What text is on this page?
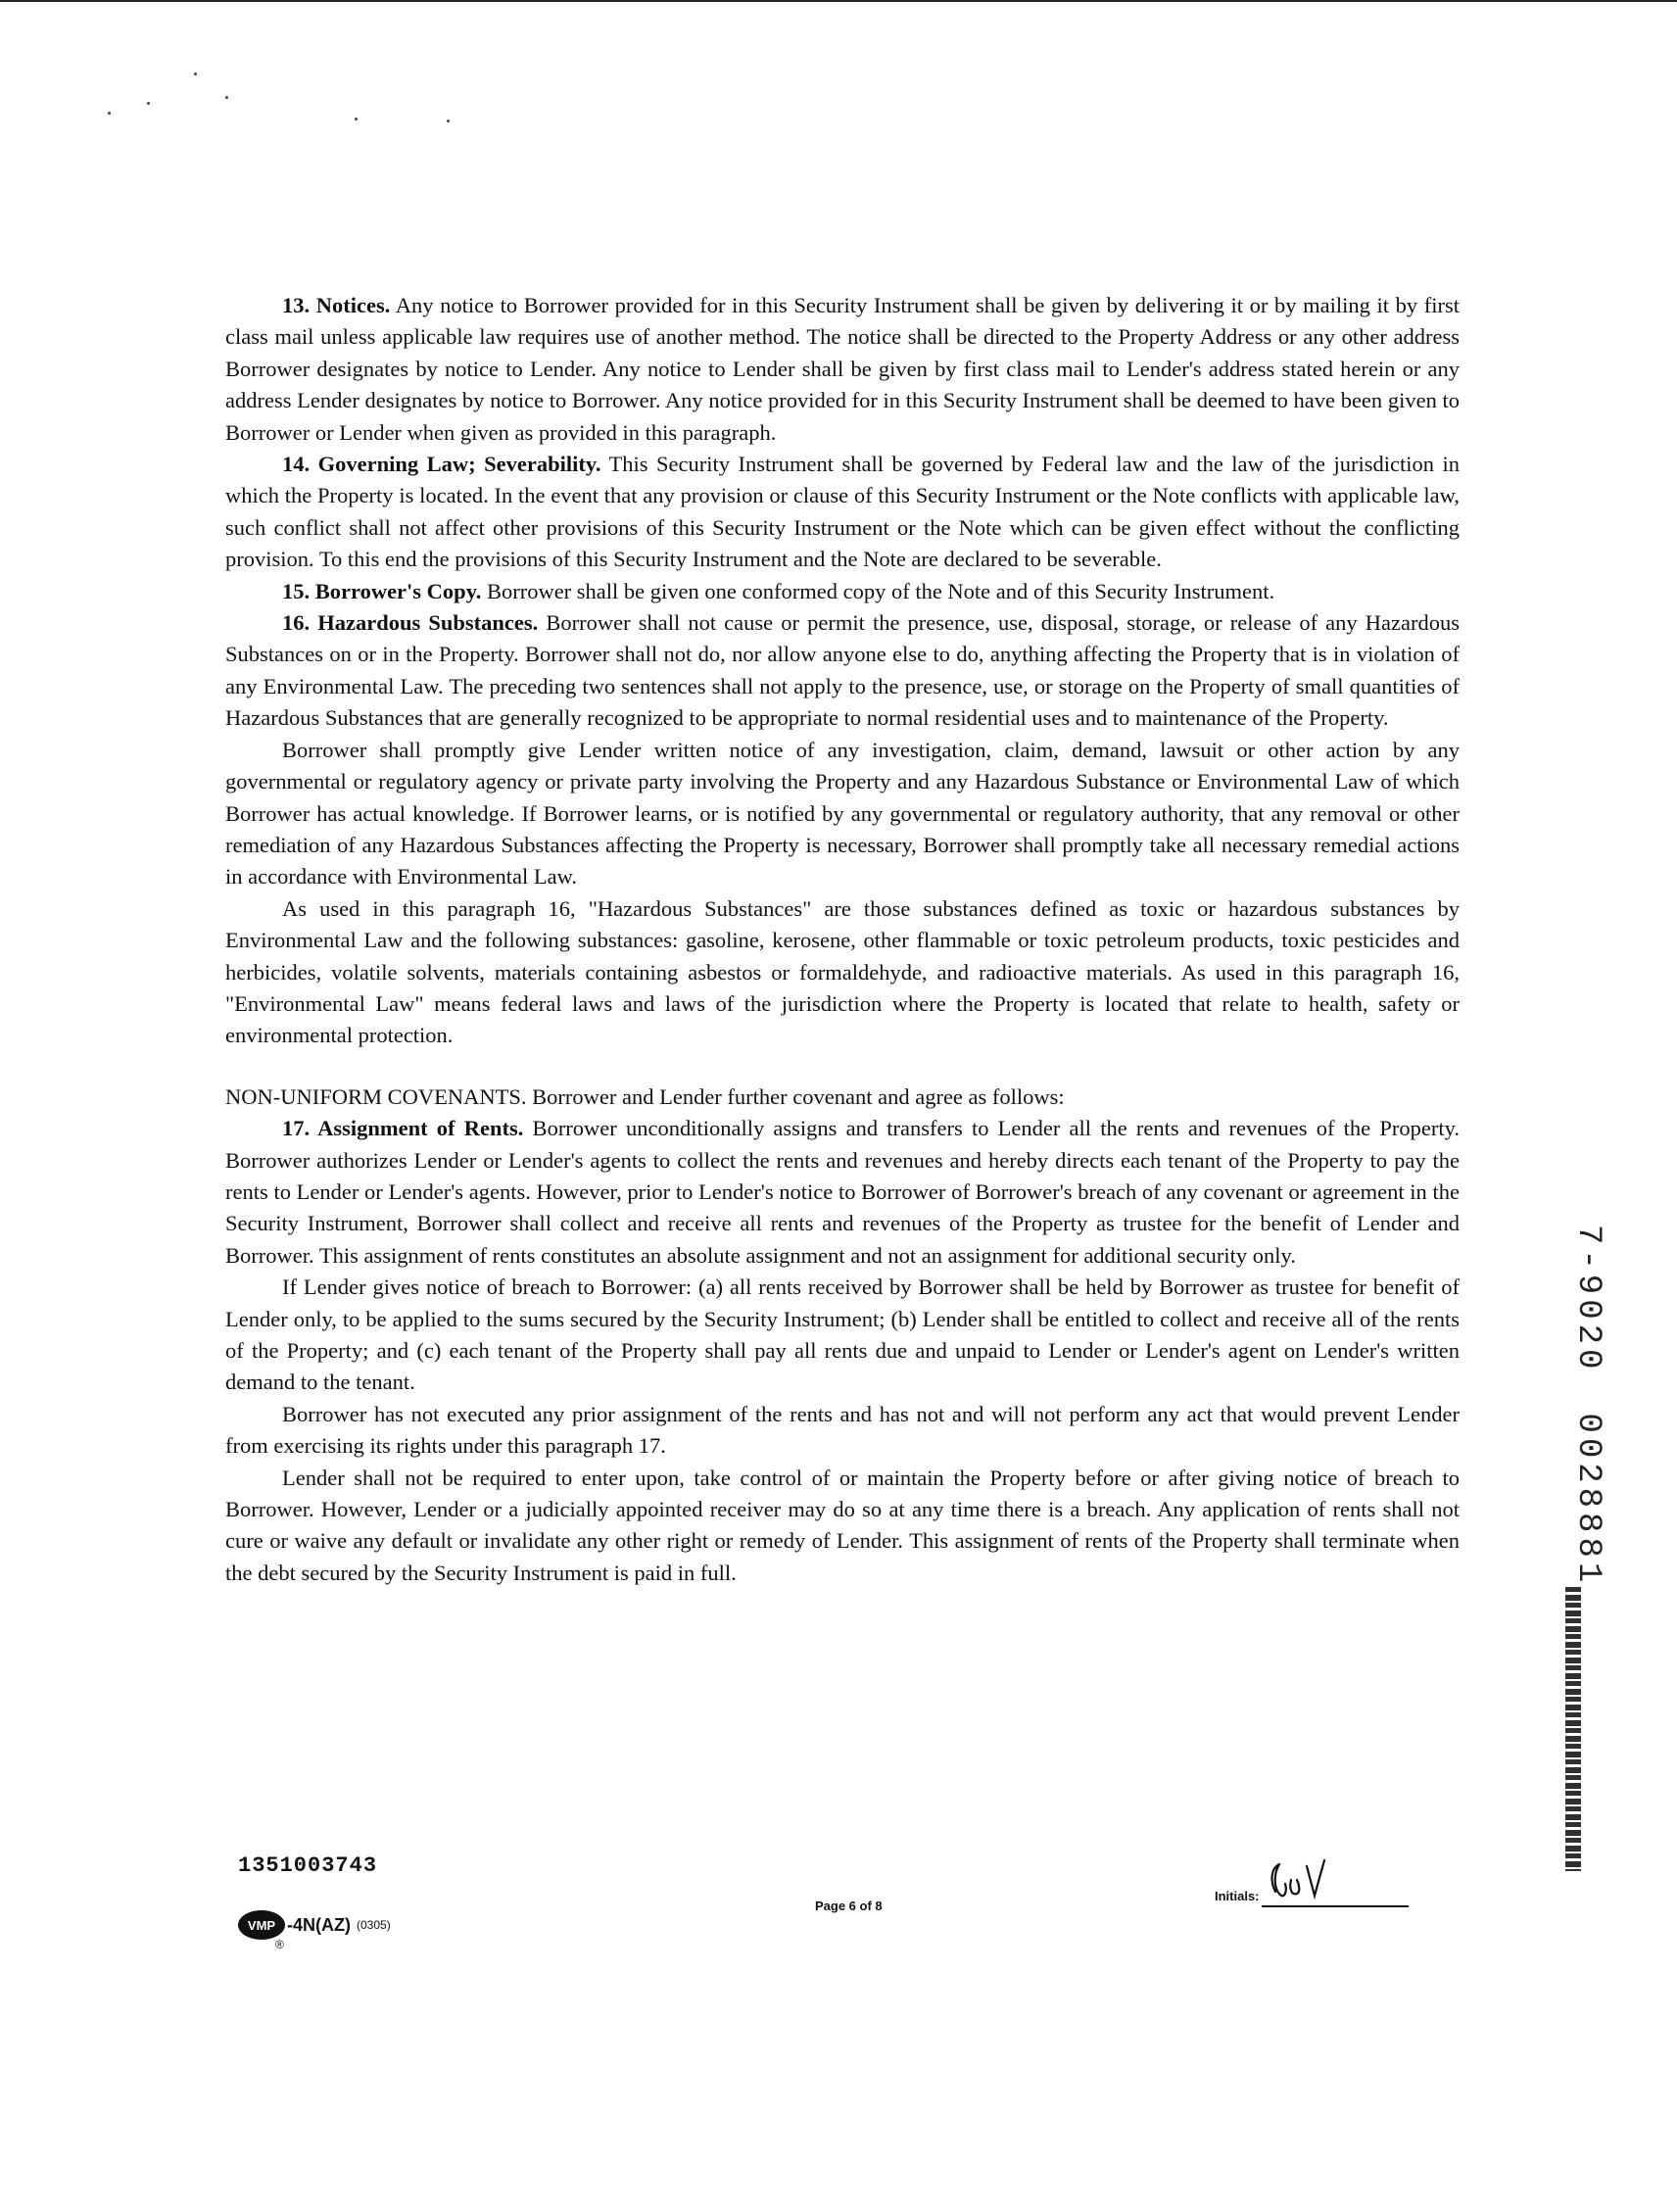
13. Notices. Any notice to Borrower provided for in this Security Instrument shall be given by delivering it or by mailing it by first class mail unless applicable law requires use of another method. The notice shall be directed to the Property Address or any other address Borrower designates by notice to Lender. Any notice to Lender shall be given by first class mail to Lender's address stated herein or any address Lender designates by notice to Borrower. Any notice provided for in this Security Instrument shall be deemed to have been given to Borrower or Lender when given as provided in this paragraph.

14. Governing Law; Severability. This Security Instrument shall be governed by Federal law and the law of the jurisdiction in which the Property is located. In the event that any provision or clause of this Security Instrument or the Note conflicts with applicable law, such conflict shall not affect other provisions of this Security Instrument or the Note which can be given effect without the conflicting provision. To this end the provisions of this Security Instrument and the Note are declared to be severable.

15. Borrower's Copy. Borrower shall be given one conformed copy of the Note and of this Security Instrument.

16. Hazardous Substances. Borrower shall not cause or permit the presence, use, disposal, storage, or release of any Hazardous Substances on or in the Property. Borrower shall not do, nor allow anyone else to do, anything affecting the Property that is in violation of any Environmental Law. The preceding two sentences shall not apply to the presence, use, or storage on the Property of small quantities of Hazardous Substances that are generally recognized to be appropriate to normal residential uses and to maintenance of the Property.

Borrower shall promptly give Lender written notice of any investigation, claim, demand, lawsuit or other action by any governmental or regulatory agency or private party involving the Property and any Hazardous Substance or Environmental Law of which Borrower has actual knowledge. If Borrower learns, or is notified by any governmental or regulatory authority, that any removal or other remediation of any Hazardous Substances affecting the Property is necessary, Borrower shall promptly take all necessary remedial actions in accordance with Environmental Law.

As used in this paragraph 16, "Hazardous Substances" are those substances defined as toxic or hazardous substances by Environmental Law and the following substances: gasoline, kerosene, other flammable or toxic petroleum products, toxic pesticides and herbicides, volatile solvents, materials containing asbestos or formaldehyde, and radioactive materials. As used in this paragraph 16, "Environmental Law" means federal laws and laws of the jurisdiction where the Property is located that relate to health, safety or environmental protection.

NON-UNIFORM COVENANTS. Borrower and Lender further covenant and agree as follows:

17. Assignment of Rents. Borrower unconditionally assigns and transfers to Lender all the rents and revenues of the Property. Borrower authorizes Lender or Lender's agents to collect the rents and revenues and hereby directs each tenant of the Property to pay the rents to Lender or Lender's agents. However, prior to Lender's notice to Borrower of Borrower's breach of any covenant or agreement in the Security Instrument, Borrower shall collect and receive all rents and revenues of the Property as trustee for the benefit of Lender and Borrower. This assignment of rents constitutes an absolute assignment and not an assignment for additional security only.

If Lender gives notice of breach to Borrower: (a) all rents received by Borrower shall be held by Borrower as trustee for benefit of Lender only, to be applied to the sums secured by the Security Instrument; (b) Lender shall be entitled to collect and receive all of the rents of the Property; and (c) each tenant of the Property shall pay all rents due and unpaid to Lender or Lender's agent on Lender's written demand to the tenant.

Borrower has not executed any prior assignment of the rents and has not and will not perform any act that would prevent Lender from exercising its rights under this paragraph 17.

Lender shall not be required to enter upon, take control of or maintain the Property before or after giving notice of breach to Borrower. However, Lender or a judicially appointed receiver may do so at any time there is a breach. Any application of rents shall not cure or waive any default or invalidate any other right or remedy of Lender. This assignment of rents of the Property shall terminate when the debt secured by the Security Instrument is paid in full.

1351003743
VMP
®
-4N(AZ) (0305)
Page 6 of 8
Initials:
7-9020
0028881
